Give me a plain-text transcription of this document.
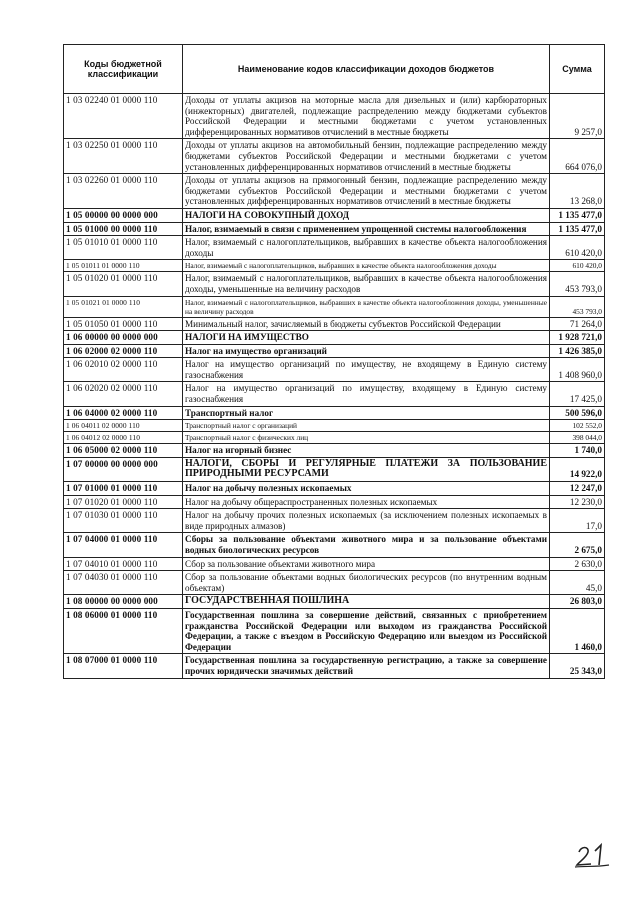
Коды бюджетной классификации	Наименование кодов классификации доходов бюджетов	Сумма
1 03 02240 01 0000 110	Доходы от уплаты акцизов на моторные масла для дизельных и (или) карбюраторных (инжекторных) двигателей, подлежащие распределению между бюджетами субъектов Российской Федерации и местными бюджетами с учетом установленных дифференцированных нормативов отчислений в местные бюджеты	9 257,0
1 03 02250 01 0000 110	Доходы от уплаты акцизов на автомобильный бензин, подлежащие распределению между бюджетами субъектов Российской Федерации и местными бюджетами с учетом установленных дифференцированных нормативов отчислений в местные бюджеты	664 076,0
1 03 02260 01 0000 110	Доходы от уплаты акцизов на прямогонный бензин, подлежащие распределению между бюджетами субъектов Российской Федерации и местными бюджетами с учетом установленных дифференцированных нормативов отчислений в местные бюджеты	13 268,0
1 05 00000 00 0000 000	НАЛОГИ НА СОВОКУПНЫЙ ДОХОД	1 135 477,0
1 05 01000 00 0000 110	Налог, взимаемый в связи с применением упрощенной системы налогообложения	1 135 477,0
1 05 01010 01 0000 110	Налог, взимаемый с налогоплательщиков, выбравших в качестве объекта налогообложения доходы	610 420,0
1 05 01011 01 0000 110	Налог, взимаемый с налогоплательщиков, выбравших в качестве объекта налогообложения доходы	610 420,0
1 05 01020 01 0000 110	Налог, взимаемый с налогоплательщиков, выбравших в качестве объекта налогообложения доходы, уменьшенные на величину расходов	453 793,0
1 05 01021 01 0000 110	Налог, взимаемый с налогоплательщиков, выбравших в качестве объекта налогообложения доходы, уменьшенные на величину расходов	453 793,0
1 05 01050 01 0000 110	Минимальный налог, зачисляемый в бюджеты субъектов Российской Федерации	71 264,0
1 06 00000 00 0000 000	НАЛОГИ НА ИМУЩЕСТВО	1 928 721,0
1 06 02000 02 0000 110	Налог на имущество организаций	1 426 385,0
1 06 02010 02 0000 110	Налог на имущество организаций по имуществу, не входящему в Единую систему газоснабжения	1 408 960,0
1 06 02020 02 0000 110	Налог на имущество организаций по имуществу, входящему в Единую систему газоснабжения	17 425,0
1 06 04000 02 0000 110	Транспортный налог	500 596,0
1 06 04011 02 0000 110	Транспортный налог с организаций	102 552,0
1 06 04012 02 0000 110	Транспортный налог с физических лиц	398 044,0
1 06 05000 02 0000 110	Налог на игорный бизнес	1 740,0
1 07 00000 00 0000 000	НАЛОГИ, СБОРЫ И РЕГУЛЯРНЫЕ ПЛАТЕЖИ ЗА ПОЛЬЗОВАНИЕ ПРИРОДНЫМИ РЕСУРСАМИ	14 922,0
1 07 01000 01 0000 110	Налог на добычу полезных ископаемых	12 247,0
1 07 01020 01 0000 110	Налог на добычу общераспространенных полезных ископаемых	12 230,0
1 07 01030 01 0000 110	Налог на добычу прочих полезных ископаемых (за исключением полезных ископаемых в виде природных алмазов)	17,0
1 07 04000 01 0000 110	Сборы за пользование объектами животного мира и за пользование объектами водных биологических ресурсов	2 675,0
1 07 04010 01 0000 110	Сбор за пользование объектами животного мира	2 630,0
1 07 04030 01 0000 110	Сбор за пользование объектами водных биологических ресурсов (по внутренним водным объектам)	45,0
1 08 00000 00 0000 000	ГОСУДАРСТВЕННАЯ ПОШЛИНА	26 803,0
1 08 06000 01 0000 110	Государственная пошлина за совершение действий, связанных с приобретением гражданства Российской Федерации или выходом из гражданства Российской Федерации, а также с въездом в Российскую Федерацию или выездом из Российской Федерации	1 460,0
1 08 07000 01 0000 110	Государственная пошлина за государственную регистрацию, а также за совершение прочих юридически значимых действий	25 343,0
